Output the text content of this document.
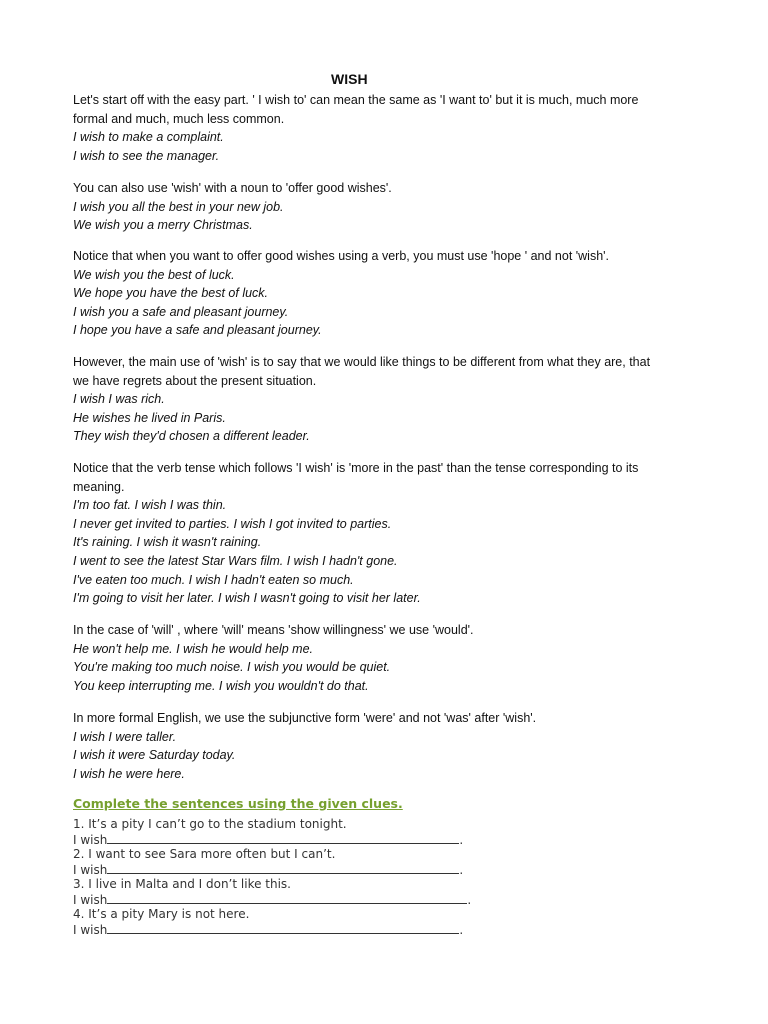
WISH
Let's start off with the easy part. ' I wish to' can mean the same as 'I want to' but it is much, much more
formal and much, much less common.
I wish to make a complaint.
I wish to see the manager.
You can also use 'wish' with a noun to 'offer good wishes'.
I wish you all the best in your new job.
We wish you a merry Christmas.
Notice that when you want to offer good wishes using a verb, you must use 'hope ' and not 'wish'.
We wish you the best of luck.
We hope you have the best of luck.
I wish you a safe and pleasant journey.
I hope you have a safe and pleasant journey.
However, the main use of 'wish' is to say that we would like things to be different from what they are, that
we have regrets about the present situation.
I wish I was rich.
He wishes he lived in Paris.
They wish they'd chosen a different leader.
Notice that the verb tense which follows 'I wish' is 'more in the past' than the tense corresponding to its
meaning.
I'm too fat. I wish I was thin.
I never get invited to parties. I wish I got invited to parties.
It's raining. I wish it wasn't raining.
I went to see the latest Star Wars film. I wish I hadn't gone.
I've eaten too much. I wish I hadn't eaten so much.
I'm going to visit her later. I wish I wasn't going to visit her later.
In the case of 'will' , where 'will' means 'show willingness' we use 'would'.
He won't help me. I wish he would help me.
You're making too much noise. I wish you would be quiet.
You keep interrupting me. I wish you wouldn't do that.
In more formal English, we use the subjunctive form 'were' and not 'was' after 'wish'.
I wish I were taller.
I wish it were Saturday today.
I wish he were here.
Complete the sentences using the given clues.
1. It’s a pity I can’t go to the stadium tonight.
I wish	.
2. I want to see Sara more often but I can’t.
I wish	.
3. I live in Malta and I don’t like this.
I wish	.
4. It’s a pity Mary is not here.
I wish	.
